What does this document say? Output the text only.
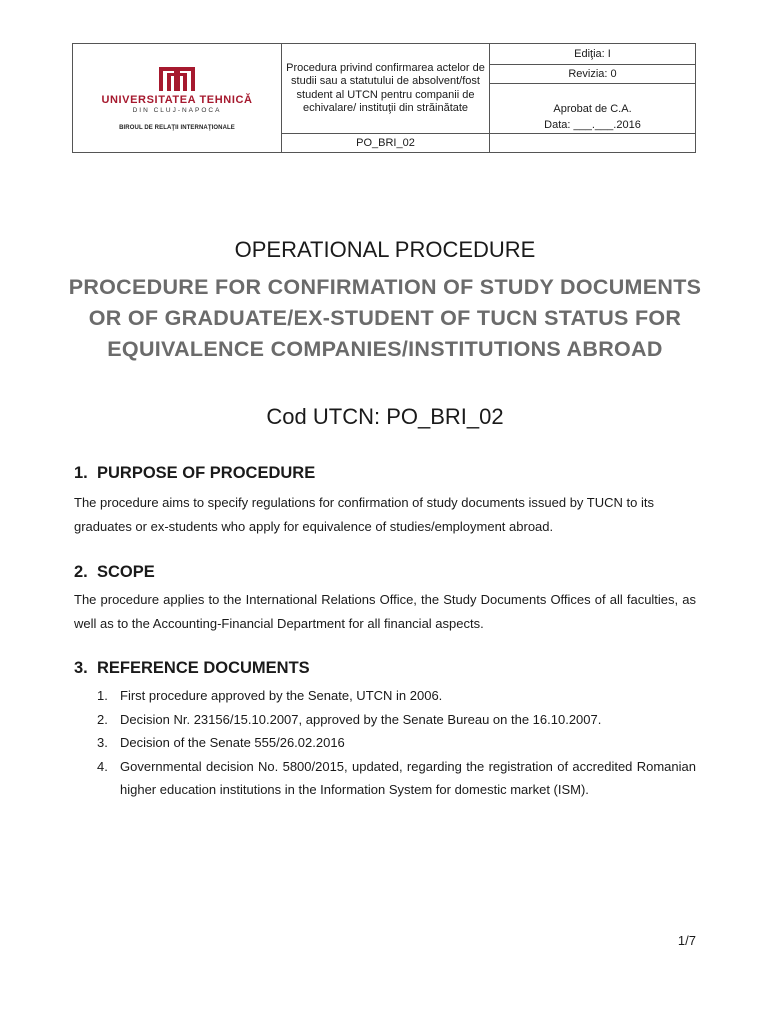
UNIVERSITATEA TEHNICĂ
DIN CLUJ-NAPOCA
BIROUL DE RELAŢII INTERNAŢIONALE	Procedura privind confirmarea actelor de studii sau a statutului de absolvent/fost student al UTCN pentru companii de echivalare/ instituţii din străinătate	Ediţia: I

		Revizia: 0
Aprobat de C.A.
Data: ___.___.2016

	PO_BRI_02	
OPERATIONAL PROCEDURE
PROCEDURE FOR CONFIRMATION OF STUDY DOCUMENTS OR OF GRADUATE/EX-STUDENT OF TUCN STATUS FOR EQUIVALENCE COMPANIES/INSTITUTIONS ABROAD
Cod UTCN: PO_BRI_02
1. PURPOSE OF PROCEDURE

The procedure aims to specify regulations for confirmation of study documents issued by TUCN to its graduates or ex-students who apply for equivalence of studies/employment abroad.

2. SCOPE

The procedure applies to the International Relations Office, the Study Documents Offices of all faculties, as well as to the Accounting-Financial Department for all financial aspects.

3. REFERENCE DOCUMENTS
1. First procedure approved by the Senate, UTCN in 2006.
2. Decision Nr. 23156/15.10.2007, approved by the Senate Bureau on the 16.10.2007.
3. Decision of the Senate 555/26.02.2016
4. Governmental decision No. 5800/2015, updated, regarding the registration of accredited Romanian higher education institutions in the Information System for domestic market (ISM).
1/7
